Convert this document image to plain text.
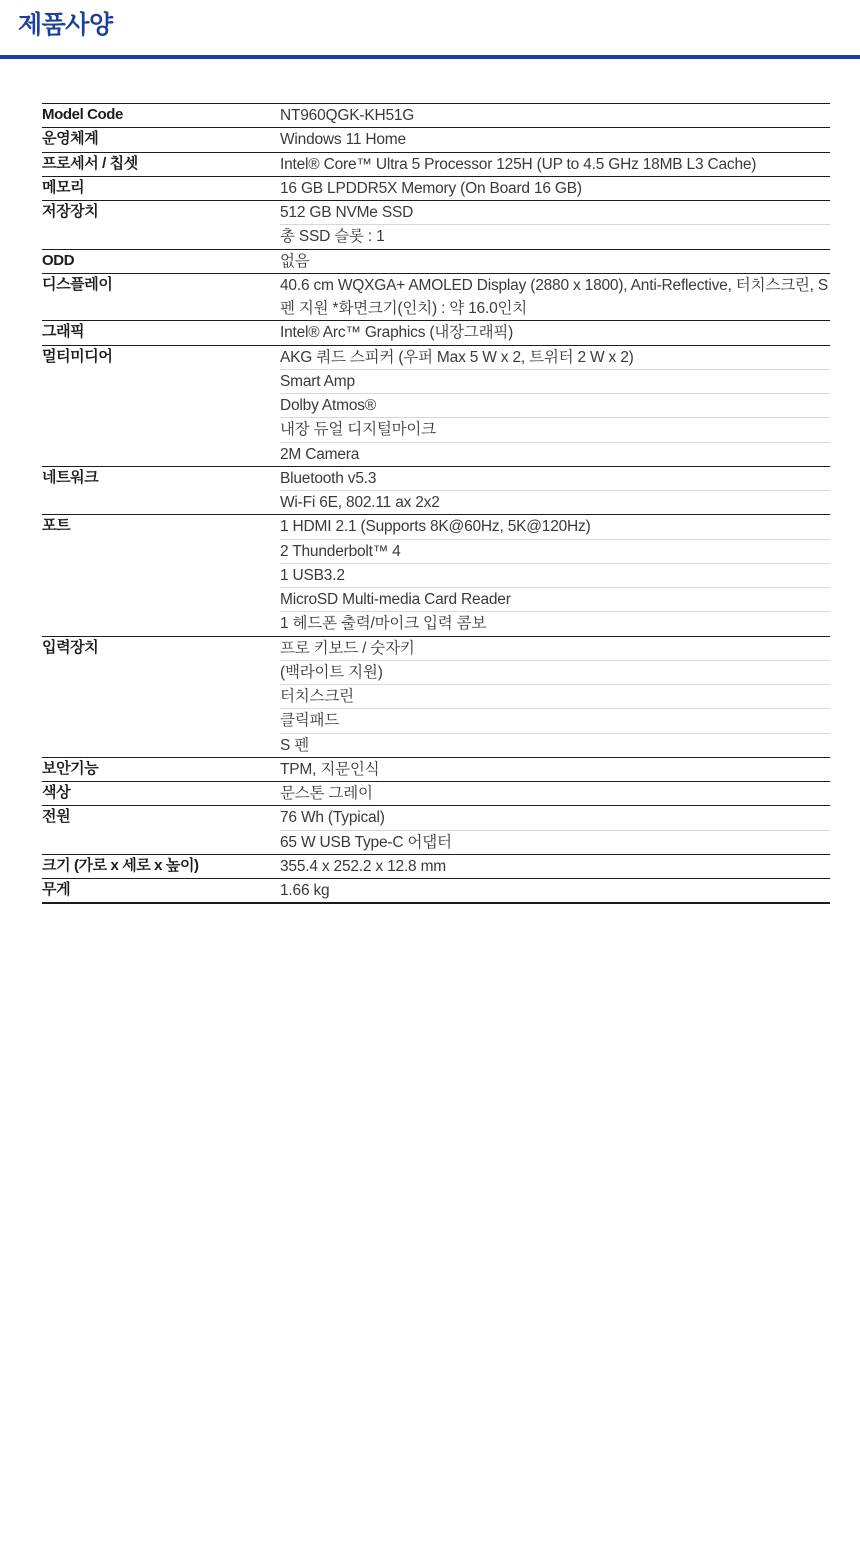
제품사양
Model Code	NT960QGK-KH51G
운영체계	Windows 11 Home
프로세서 / 칩셋	Intel® Core™ Ultra 5 Processor 125H (UP to 4.5 GHz 18MB L3 Cache)
메모리	16 GB LPDDR5X Memory (On Board 16 GB)
저장장치	512 GB NVMe SSD
	총 SSD 슬롯 : 1
ODD	없음
디스플레이	40.6 cm WQXGA+ AMOLED Display (2880 x 1800), Anti-Reflective, 터치스크린, S펜 지원 *화면크기(인치) : 약 16.0인치
그래픽	Intel® Arc™ Graphics (내장그래픽)
멀티미디어	AKG 쿼드 스피커 (우퍼 Max 5 W x 2, 트위터 2 W x 2)
	Smart Amp
	Dolby Atmos®
	내장 듀얼 디지털마이크
	2M Camera
네트워크	Bluetooth v5.3
	Wi-Fi 6E, 802.11 ax 2x2
포트	1 HDMI 2.1 (Supports 8K@60Hz, 5K@120Hz)
	2 Thunderbolt™ 4
	1 USB3.2
	MicroSD Multi-media Card Reader
	1 헤드폰 출력/마이크 입력 콤보
입력장치	프로 키보드 / 숫자키
	(백라이트 지원)
	터치스크린
	클릭패드
	S 펜
보안기능	TPM, 지문인식
색상	문스톤 그레이
전원	76 Wh (Typical)
	65 W USB Type-C 어댑터
크기 (가로 x 세로 x 높이)	355.4 x 252.2 x 12.8 mm
무게	1.66 kg
